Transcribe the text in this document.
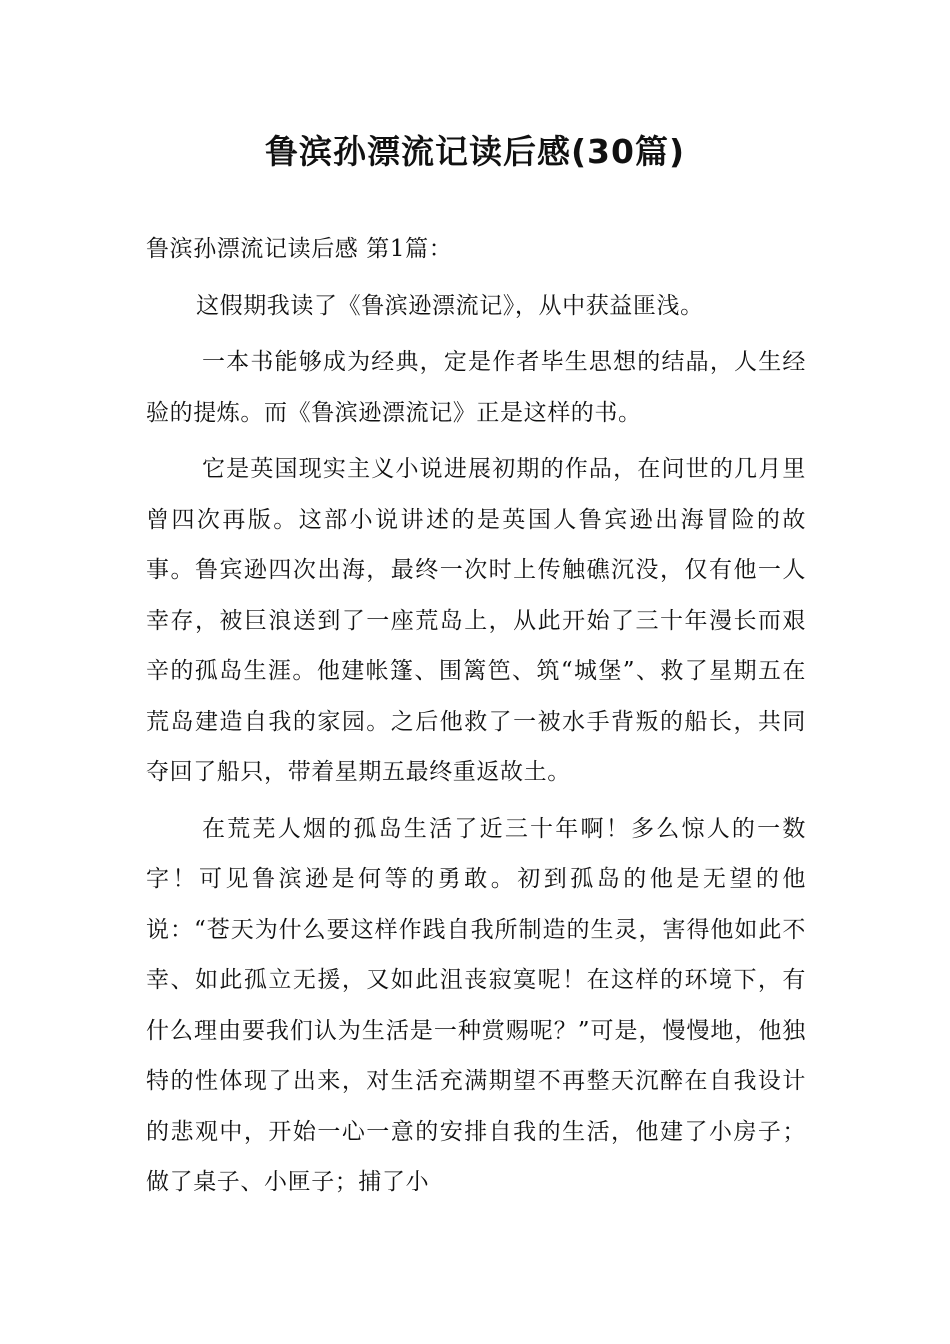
鲁滨孙漂流记读后感(30篇)

鲁滨孙漂流记读后感 第1篇：

这假期我读了《鲁滨逊漂流记》，从中获益匪浅。

一本书能够成为经典，定是作者毕生思想的结晶，人生经验的提炼。而《鲁滨逊漂流记》正是这样的书。

它是英国现实主义小说进展初期的作品，在问世的几月里曾四次再版。这部小说讲述的是英国人鲁宾逊出海冒险的故事。鲁宾逊四次出海，最终一次时上传触礁沉没，仅有他一人幸存，被巨浪送到了一座荒岛上，从此开始了三十年漫长而艰辛的孤岛生涯。他建帐篷、围篱笆、筑“城堡”、救了星期五在荒岛建造自我的家园。之后他救了一被水手背叛的船长，共同夺回了船只，带着星期五最终重返故土。

在荒芜人烟的孤岛生活了近三十年啊！多么惊人的一数字！可见鲁滨逊是何等的勇敢。初到孤岛的他是无望的他说：“苍天为什么要这样作践自我所制造的生灵，害得他如此不幸、如此孤立无援，又如此沮丧寂寞呢！在这样的环境下，有什么理由要我们认为生活是一种赏赐呢？”可是，慢慢地，他独特的性体现了出来，对生活充满期望不再整天沉醉在自我设计的悲观中，开始一心一意的安排自我的生活，他建了小房子；做了桌子、小匣子；捕了小
